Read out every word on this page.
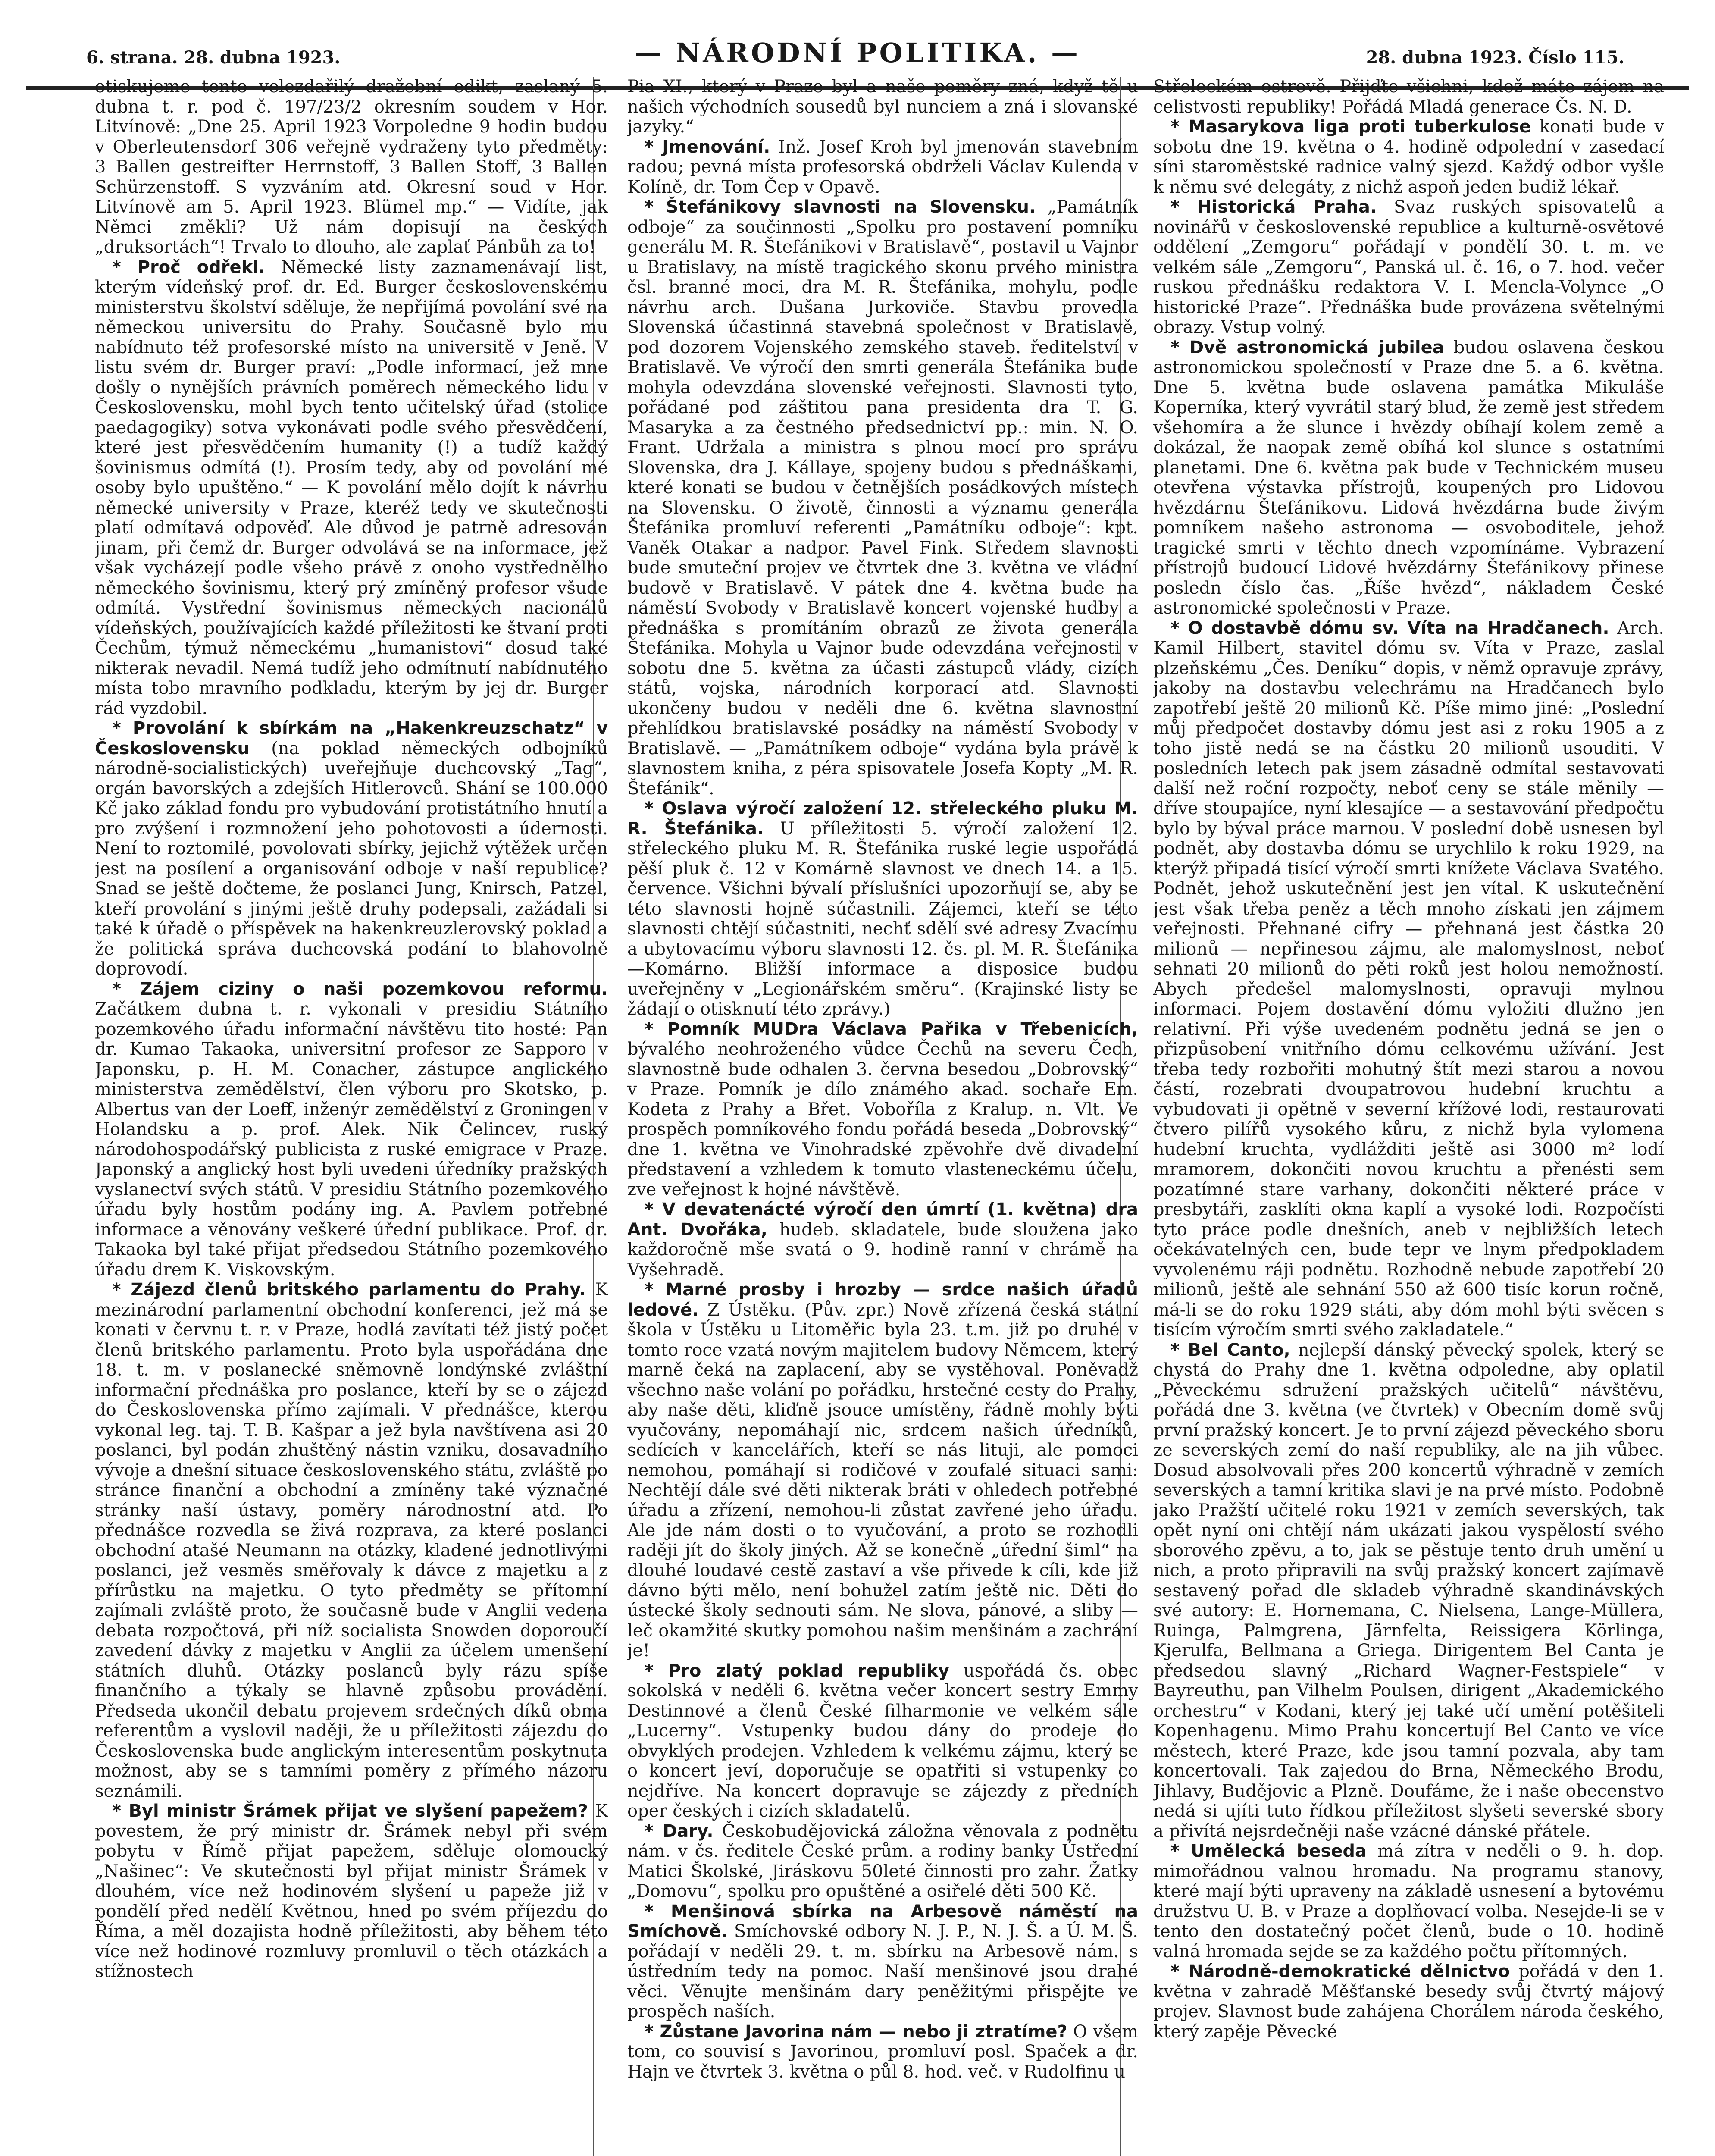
6. strana. 28. dubna 1923.	— NÁRODNÍ POLITIKA. —	28. dubna 1923. Číslo 115.

otiskujeme tento velezdařilý dražební edikt, zaslaný 5. dubna t. r. pod č. 197/23/2 okresním soudem v Hor. Litvínově: „Dne 25. April 1923 Vorpoledne 9 hodin budou v Oberleutensdorf 306 veřejně vydraženy tyto předměty: 3 Ballen gestreifter Herrnstoff, 3 Ballen Stoff, 3 Ballen Schürzenstoff. S vyzváním atd. Okresní soud v Hor. Litvínově am 5. April 1923. Blümel mp.“ — Vidíte, jak Němci změkli? Už nám dopisují na českých „druksortách“! Trvalo to dlouho, ale zaplať Pánbůh za to!

* Proč odřekl. Německé listy zaznamenávají list, kterým vídeňský prof. dr. Ed. Burger československému ministerstvu školství sděluje, že nepřijímá povolání své na německou universitu do Prahy. Současně bylo mu nabídnuto též profesorské místo na universitě v Jeně. V listu svém dr. Burger praví: „Podle informací, jež mne došly o nynějších právních poměrech německého lidu v Československu, mohl bych tento učitelský úřad (stolice paedagogiky) sotva vykonávati podle svého přesvědčení, které jest přesvědčením humanity (!) a tudíž každý šovinismus odmítá (!). Prosím tedy, aby od povolání mé osoby bylo upuštěno.“ — K povolání mělo dojít k návrhu německé university v Praze, kteréž tedy ve skutečnosti platí odmítavá odpověď. Ale důvod je patrně adresován jinam, při čemž dr. Burger odvolává se na informace, jež však vycházejí podle všeho právě z onoho vystřednělho německého šovinismu, který prý zmíněný profesor všude odmítá. Vystřední šovinismus německých nacionálů vídeňských, používajících každé příležitosti ke štvaní proti Čechům, týmuž německému „humanistovi“ dosud také nikterak nevadil. Nemá tudíž jeho odmítnutí nabídnutého místa tobo mravního podkladu, kterým by jej dr. Burger rád vyzdobil.

* Provolání k sbírkám na „Hakenkreuzschatz“ v Československu (na poklad německých odbojníků národně-socialistických) uveřejňuje duchcovský „Tag“, orgán bavorských a zdejších Hitlerovců. Shání se 100.000 Kč jako základ fondu pro vybudování protistátního hnutí a pro zvýšení i rozmnožení jeho pohotovosti a údernosti. Není to roztomilé, povolovati sbírky, jejichž výtěžek určen jest na posílení a organisování odboje v naší republice? Snad se ještě dočteme, že poslanci Jung, Knirsch, Patzel, kteří provolání s jinými ještě druhy podepsali, zažádali si také k úřadě o příspěvek na hakenkreuzlerovský poklad a že politická správa duchcovská podání to blahovolně doprovodí.

* Zájem ciziny o naši pozemkovou reformu. Začátkem dubna t. r. vykonali v presidiu Státního pozemkového úřadu informační návštěvu tito hosté: Pan dr. Kumao Takaoka, universitní profesor ze Sapporo v Japonsku, p. H. M. Conacher, zástupce anglického ministerstva zemědělství, člen výboru pro Skotsko, p. Albertus van der Loeff, inženýr zemědělství z Groningen v Holandsku a p. prof. Alek. Nik Čelincev, ruský národohospodářský publicista z ruské emigrace v Praze. Japonský a anglický host byli uvedeni úředníky pražských vyslanectví svých států. V presidiu Státního pozemkového úřadu byly hostům podány ing. A. Pavlem potřebné informace a věnovány veškeré úřední publikace. Prof. dr. Takaoka byl také přijat předsedou Státního pozemkového úřadu drem K. Viskovským.

* Zájezd členů britského parlamentu do Prahy. K mezinárodní parlamentní obchodní konferenci, jež má se konati v červnu t. r. v Praze, hodlá zavítati též jistý počet členů britského parlamentu. Proto byla uspořádána dne 18. t. m. v poslanecké sněmovně londýnské zvláštní informační přednáška pro poslance, kteří by se o zájezd do Československa přímo zajímali. V přednášce, kterou vykonal leg. taj. T. B. Kašpar a jež byla navštívena asi 20 poslanci, byl podán zhuštěný nástin vzniku, dosavadního vývoje a dnešní situace československého státu, zvláště po stránce finanční a obchodní a zmíněny také význačné stránky naší ústavy, poměry národnostní atd. Po přednášce rozvedla se živá rozprava, za které poslanci obchodní atašé Neumann na otázky, kladené jednotlivými poslanci, jež vesměs směřovaly k dávce z majetku a z přírůstku na majetku. O tyto předměty se přítomní zajímali zvláště proto, že současně bude v Anglii vedena debata rozpočtová, při níž socialista Snowden doporoučí zavedení dávky z majetku v Anglii za účelem umenšení státních dluhů. Otázky poslanců byly rázu spíše finančního a týkaly se hlavně způsobu provádění. Předseda ukončil debatu projevem srdečných díků obma referentům a vyslovil naději, že u příležitosti zájezdu do Československa bude anglickým interesentům poskytnuta možnost, aby se s tamními poměry z přímého názoru seznámili.

* Byl ministr Šrámek přijat ve slyšení papežem? K povestem, že prý ministr dr. Šrámek nebyl při svém pobytu v Římě přijat papežem, sděluje olomoucký „Našinec“: Ve skutečnosti byl přijat ministr Šrámek v dlouhém, více než hodinovém slyšení u papeže již v pondělí před nedělí Květnou, hned po svém příjezdu do Říma, a měl dozajista hodně příležitosti, aby během této více než hodinové rozmluvy promluvil o těch otázkách a stížnostech

Pia XI., který v Praze byl a naše poměry zná, když tě u našich východních sousedů byl nunciem a zná i slovanské jazyky.“

* Jmenování. Inž. Josef Kroh byl jmenován stavebním radou; pevná místa profesorská obdrželi Václav Kulenda v Kolíně, dr. Tom Čep v Opavě.

* Štefánikovy slavnosti na Slovensku. „Památník odboje“ za součinnosti „Spolku pro postavení pomníku generálu M. R. Štefánikovi v Bratislavě“, postavil u Vajnor u Bratislavy, na místě tragického skonu prvého ministra čsl. branné moci, dra M. R. Štefánika, mohylu, podle návrhu arch. Dušana Jurkoviče. Stavbu provedla Slovenská účastinná stavebná společnost v Bratislavě, pod dozorem Vojenského zemského staveb. ředitelství v Bratislavě. Ve výročí den smrti generála Štefánika bude mohyla odevzdána slovenské veřejnosti. Slavnosti tyto, pořádané pod záštitou pana presidenta dra T. G. Masaryka a za čestného předsednictví pp.: min. N. O. Frant. Udržala a ministra s plnou mocí pro správu Slovenska, dra J. Kállaye, spojeny budou s přednáškami, které konati se budou v četnějších posádkových místech na Slovensku. O životě, činnosti a významu generála Štefánika promluví referenti „Památníku odboje“: kpt. Vaněk Otakar a nadpor. Pavel Fink. Středem slavnosti bude smuteční projev ve čtvrtek dne 3. května ve vládní budově v Bratislavě. V pátek dne 4. května bude na náměstí Svobody v Bratislavě koncert vojenské hudby a přednáška s promítáním obrazů ze života generála Štefánika. Mohyla u Vajnor bude odevzdána veřejnosti v sobotu dne 5. května za účasti zástupců vlády, cizích států, vojska, národních korporací atd. Slavnosti ukončeny budou v neděli dne 6. května slavnostní přehlídkou bratislavské posádky na náměstí Svobody v Bratislavě. — „Památníkem odboje“ vydána byla právě k slavnostem kniha, z péra spisovatele Josefa Kopty „M. R. Štefánik“.

* Oslava výročí založení 12. střeleckého pluku M. R. Štefánika. U příležitosti 5. výročí založení 12. střeleckého pluku M. R. Štefánika ruské legie uspořádá pěší pluk č. 12 v Komárně slavnost ve dnech 14. a 15. července. Všichni bývalí příslušníci upozorňují se, aby se této slavnosti hojně súčastnili. Zájemci, kteří se této slavnosti chtějí súčastniti, nechť sdělí své adresy Zvacímu a ubytovacímu výboru slavnosti 12. čs. pl. M. R. Štefánika—Komárno. Bližší informace a disposice budou uveřejněny v „Legionářském směru“. (Krajinské listy se žádají o otisknutí této zprávy.)

* Pomník MUDra Václava Pařika v Třebenicích, bývalého neohroženého vůdce Čechů na severu Čech, slavnostně bude odhalen 3. června besedou „Dobrovský“ v Praze. Pomník je dílo známého akad. sochaře Em. Kodeta z Prahy a Břet. Voboříla z Kralup. n. Vlt. Ve prospěch pomníkového fondu pořádá beseda „Dobrovský“ dne 1. května ve Vinohradské zpěvohře dvě divadelní představení a vzhledem k tomuto vlasteneckému účelu, zve veřejnost k hojné návštěvě.

* V devatenácté výročí den úmrtí (1. května) dra Ant. Dvořáka, hudeb. skladatele, bude sloužena jako každoročně mše svatá o 9. hodině ranní v chrámě na Vyšehradě.

* Marné prosby i hrozby — srdce našich úřadů ledové. Z Ústěku. (Pův. zpr.) Nově zřízená česká státní škola v Ústěku u Litoměřic byla 23. t.m. již po druhé v tomto roce vzatá novým majitelem budovy Němcem, který marně čeká na zaplacení, aby se vystěhoval. Poněvadž všechno naše volání po pořádku, hrstečné cesty do Prahy, aby naše děti, kliďně jsouce umístěny, řádně mohly býti vyučovány, nepomáhají nic, srdcem našich úředníků, sedících v kancelářích, kteří se nás lituji, ale pomoci nemohou, pomáhají si rodičové v zoufalé situaci sami: Nechtějí dále své děti nikterak bráti v ohledech potřebné úřadu a zřízení, nemohou-li zůstat zavřené jeho úřadu. Ale jde nám dosti o to vyučování, a proto se rozhodli raději jít do školy jiných. Až se konečně „úřední šiml“ na dlouhé loudavé cestě zastaví a vše přivede k cíli, kde již dávno býti mělo, není bohužel zatím ještě nic. Děti do ústecké školy sednouti sám. Ne slova, pánové, a sliby — leč okamžité skutky pomohou našim menšinám a zachrání je!

* Pro zlatý poklad republiky uspořádá čs. obec sokolská v neděli 6. května večer koncert sestry Emmy Destinnové a členů České filharmonie ve velkém sále „Lucerny“. Vstupenky budou dány do prodeje do obvyklých prodejen. Vzhledem k velkému zájmu, který se o koncert jeví, doporučuje se opatřiti si vstupenky co nejdříve. Na koncert dopravuje se zájezdy z předních oper českých i cizích skladatelů.

* Dary. Českobudějovická záložna věnovala z podnětu nám. v čs. ředitele České prům. a rodiny banky Ústřední Matici Školské, Jiráskovu 50leté činnosti pro zahr. Žatky „Domovu“, spolku pro opuštěné a osiřelé děti 500 Kč.

* Menšinová sbírka na Arbesově náměstí na Smíchově. Smíchovské odbory N. J. P., N. J. Š. a Ú. M. Š. pořádají v neděli 29. t. m. sbírku na Arbesově nám. s ústředním tedy na pomoc. Naší menšinové jsou drahé věci. Věnujte menšinám dary peněžitými přispějte ve prospěch naších.

* Zůstane Javorina nám — nebo ji ztratíme? O všem tom, co souvisí s Javorinou, promluví posl. Spaček a dr. Hajn ve čtvrtek 3. května o půl 8. hod. več. v Rudolfinu u

Střeleckém ostrově. Přijďte všichni, kdož máte zájem na celistvosti republiky! Pořádá Mladá generace Čs. N. D.

* Masarykova liga proti tuberkulose konati bude v sobotu dne 19. května o 4. hodině odpolední v zasedací síni staroměstské radnice valný sjezd. Každý odbor vyšle k němu své delegáty, z nichž aspoň jeden budiž lékař.

* Historická Praha. Svaz ruských spisovatelů a novinářů v československé republice a kulturně-osvětové oddělení „Zemgoru“ pořádají v pondělí 30. t. m. ve velkém sále „Zemgoru“, Panská ul. č. 16, o 7. hod. večer ruskou přednášku redaktora V. I. Mencla-Volynce „O historické Praze“. Přednáška bude provázena světelnými obrazy. Vstup volný.

* Dvě astronomická jubilea budou oslavena českou astronomickou společností v Praze dne 5. a 6. května. Dne 5. května bude oslavena památka Mikuláše Koperníka, který vyvrátil starý blud, že země jest středem všehomíra a že slunce i hvězdy obíhají kolem země a dokázal, že naopak země obíhá kol slunce s ostatními planetami. Dne 6. května pak bude v Technickém museu otevřena výstavka přístrojů, koupených pro Lidovou hvězdárnu Štefánikovu. Lidová hvězdárna bude živým pomníkem našeho astronoma — osvoboditele, jehož tragické smrti v těchto dnech vzpomínáme. Vybrazení přístrojů budoucí Lidové hvězdárny Štefánikovy přinese posledn číslo čas. „Říše hvězd“, nákladem České astronomické společnosti v Praze.

* O dostavbě dómu sv. Víta na Hradčanech. Arch. Kamil Hilbert, stavitel dómu sv. Víta v Praze, zaslal plzeňskému „Čes. Deníku“ dopis, v němž opravuje zprávy, jakoby na dostavbu velechrámu na Hradčanech bylo zapotřebí ještě 20 milionů Kč. Píše mimo jiné: „Poslední můj předpočet dostavby dómu jest asi z roku 1905 a z toho jistě nedá se na částku 20 milionů usouditi. V posledních letech pak jsem zásadně odmítal sestavovati další než roční rozpočty, neboť ceny se stále měnily — dříve stoupajíce, nyní klesajíce — a sestavování předpočtu bylo by býval práce marnou. V poslední době usnesen byl podnět, aby dostavba dómu se urychlilo k roku 1929, na kterýž připadá tisící výročí smrti knížete Václava Svatého. Podnět, jehož uskutečnění jest jen vítal. K uskutečnění jest však třeba peněz a těch mnoho získati jen zájmem veřejnosti. Přehnané cifry — přehnaná jest částka 20 milionů — nepřinesou zájmu, ale malomyslnost, neboť sehnati 20 milionů do pěti roků jest holou nemožností. Abych předešel malomyslnosti, opravuji mylnou informaci. Pojem dostavění dómu vyložiti dlužno jen relativní. Při výše uvedeném podnětu jedná se jen o přizpůsobení vnitřního dómu celkovému užívání. Jest třeba tedy rozbořiti mohutný štít mezi starou a novou částí, rozebrati dvoupatrovou hudební kruchtu a vybudovati ji opětně v severní křížové lodi, restaurovati čtvero pilířů vysokého kůru, z nichž byla vylomena hudební kruchta, vydlážditi ještě asi 3000 m² lodí mramorem, dokončiti novou kruchtu a přenésti sem pozatímné stare varhany, dokončiti některé práce v presbytáři, zasklíti okna kaplí a vysoké lodi. Rozpočísti tyto práce podle dnešních, aneb v nejbližších letech očekávatelných cen, bude tepr ve lnym předpokladem vyvolenému ráji podnětu. Rozhodně nebude zapotřebí 20 milionů, ještě ale sehnání 550 až 600 tisíc korun ročně, má-li se do roku 1929 státi, aby dóm mohl býti svěcen s tisícím výročím smrti svého zakladatele.“

* Bel Canto, nejlepší dánský pěvecký spolek, který se chystá do Prahy dne 1. května odpoledne, aby oplatil „Pěveckému sdružení pražských učitelů“ návštěvu, pořádá dne 3. května (ve čtvrtek) v Obecním domě svůj první pražský koncert. Je to první zájezd pěveckého sboru ze severských zemí do naší republiky, ale na jih vůbec. Dosud absolvovali přes 200 koncertů výhradně v zemích severských a tamní kritika slavi je na prvé místo. Podobně jako Pražští učitelé roku 1921 v zemích severských, tak opět nyní oni chtějí nám ukázati jakou vyspělostí svého sborového zpěvu, a to, jak se pěstuje tento druh umění u nich, a proto připravili na svůj pražský koncert zajímavě sestavený pořad dle skladeb výhradně skandinávských své autory: E. Hornemana, C. Nielsena, Lange-Müllera, Ruinga, Palmgrena, Järnfelta, Reissigera Körlinga, Kjerulfa, Bellmana a Griega. Dirigentem Bel Canta je předsedou slavný „Richard Wagner-Festspiele“ v Bayreuthu, pan Vilhelm Poulsen, dirigent „Akademického orchestru“ v Kodani, který jej také učí umění potěšiteli Kopenhagenu. Mimo Prahu koncertují Bel Canto ve více městech, které Praze, kde jsou tamní pozvala, aby tam koncertovali. Tak zajedou do Brna, Německého Brodu, Jihlavy, Budějovic a Plzně. Doufáme, že i naše obecenstvo nedá si ujíti tuto řídkou příležitost slyšeti severské sbory a přivítá nejsrdečněji naše vzácné dánské přátele.

* Umělecká beseda má zítra v neděli o 9. h. dop. mimořádnou valnou hromadu. Na programu stanovy, které mají býti upraveny na základě usnesení a bytovému družstvu U. B. v Praze a doplňovací volba. Nesejde-li se v tento den dostatečný počet členů, bude o 10. hodině valná hromada sejde se za každého počtu přítomných.

* Národně-demokratické dělnictvo pořádá v den 1. května v zahradě Měšťanské besedy svůj čtvrtý májový projev. Slavnost bude zahájena Chorálem národa českého, který zapěje Pěvecké
